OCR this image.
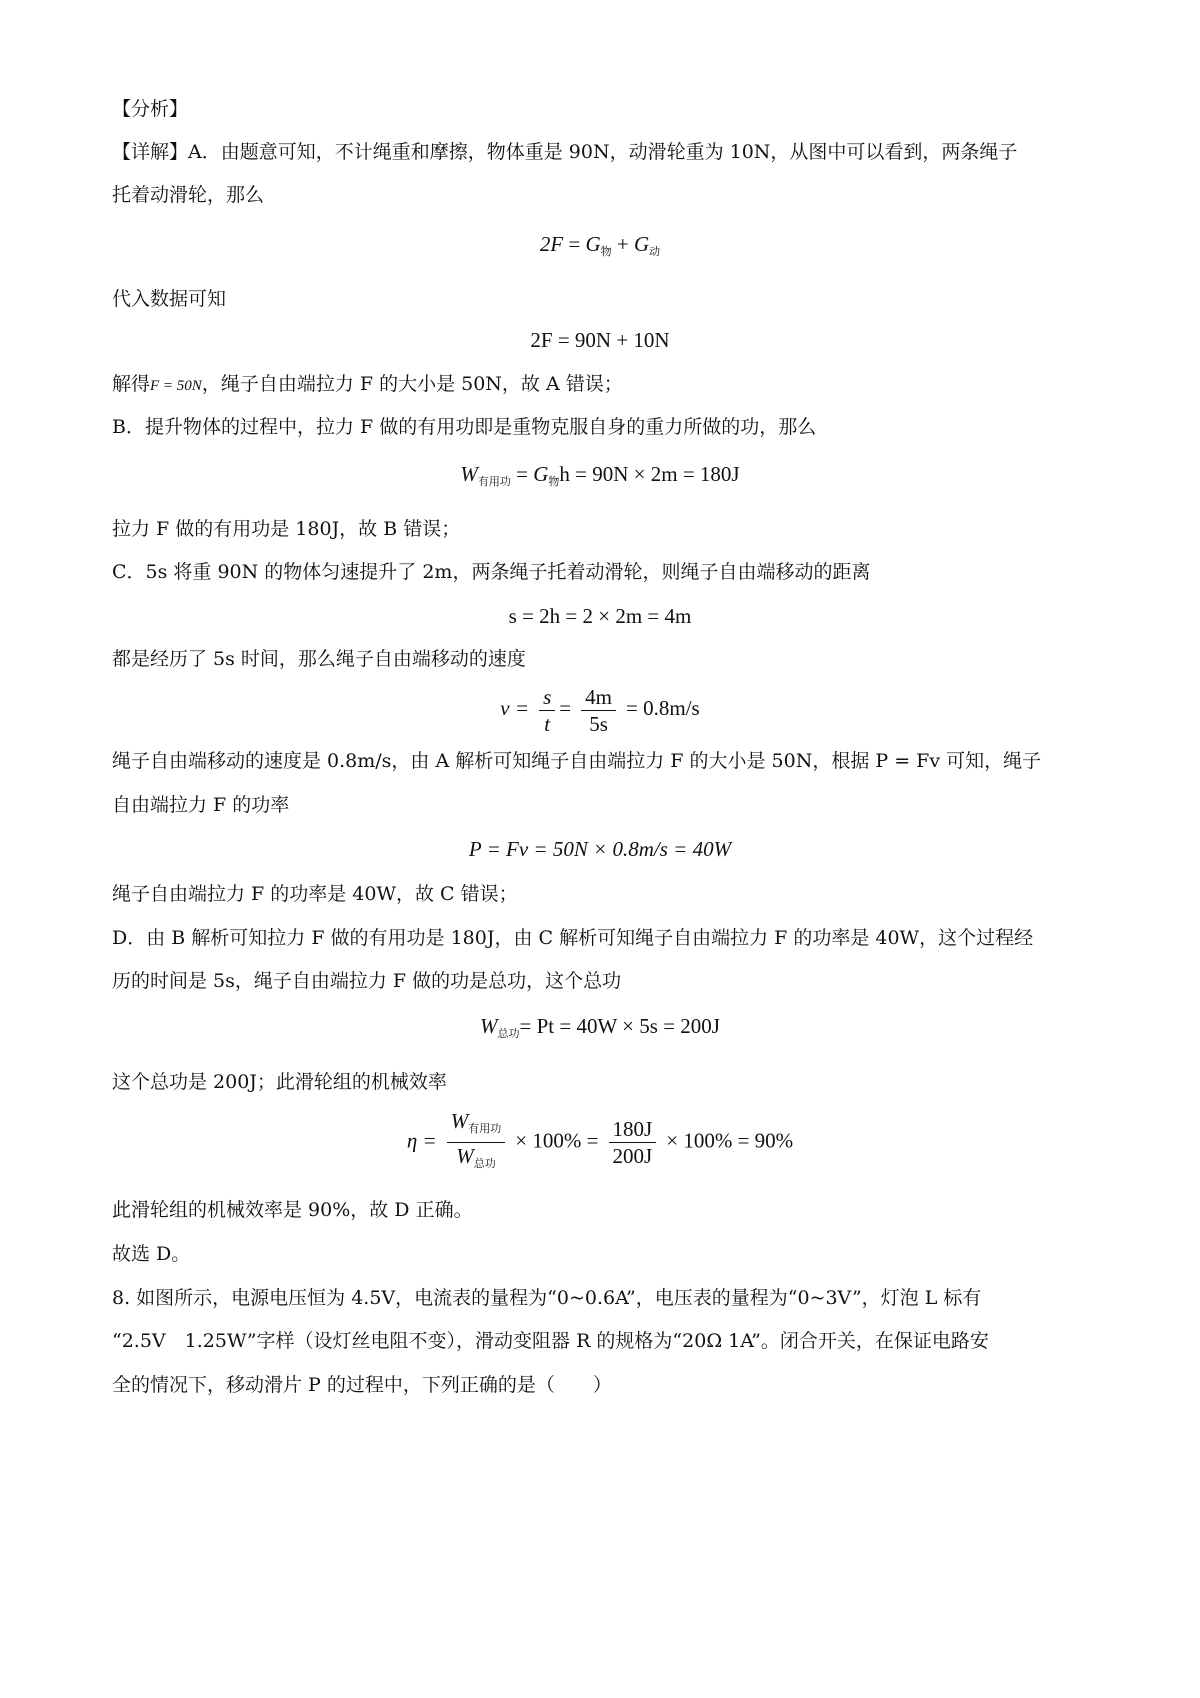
【分析】
【详解】A．由题意可知，不计绳重和摩擦，物体重是 90N，动滑轮重为 10N，从图中可以看到，两条绳子
托着动滑轮，那么
$2F = G_物 + G_动$
代入数据可知
2F = 90N + 10N
解得F = 50N，绳子自由端拉力 F 的大小是 50N，故 A 错误；
B．提升物体的过程中，拉力 F 做的有用功即是重物克服自身的重力所做的功，那么
$W_{有用功} = G_物h = 90N \times 2m = 180J$
拉力 F 做的有用功是 180J，故 B 错误；
C．5s 将重 90N 的物体匀速提升了 2m，两条绳子托着动滑轮，则绳子自由端移动的距离
s = 2h = 2 × 2m = 4m
都是经历了 5s 时间，那么绳子自由端移动的速度
$v = \frac{s}{t} = \frac{4m}{5s} = 0.8m/s$
绳子自由端移动的速度是 0.8m/s，由 A 解析可知绳子自由端拉力 F 的大小是 50N，根据 P = Fv 可知，绳子
自由端拉力 F 的功率
P = Fv = 50N × 0.8m/s = 40W
绳子自由端拉力 F 的功率是 40W，故 C 错误；
D．由 B 解析可知拉力 F 做的有用功是 180J，由 C 解析可知绳子自由端拉力 F 的功率是 40W，这个过程经
历的时间是 5s，绳子自由端拉力 F 做的功是总功，这个总功
$W_{总功}= Pt = 40W \times 5s = 200J$
这个总功是 200J；此滑轮组的机械效率
$\eta = \frac{W_{有用功}}{W_{总功}} \times 100\% = \frac{180J}{200J} \times 100\% = 90\%$
此滑轮组的机械效率是 90%，故 D 正确。
故选 D。
8. 如图所示，电源电压恒为 4.5V，电流表的量程为“0~0.6A”，电压表的量程为“0~3V”，灯泡 L 标有
“2.5V　1.25W”字样（设灯丝电阻不变），滑动变阻器 R 的规格为“20Ω 1A”。闭合开关，在保证电路安
全的情况下，移动滑片 P 的过程中，下列正确的是（　　）
